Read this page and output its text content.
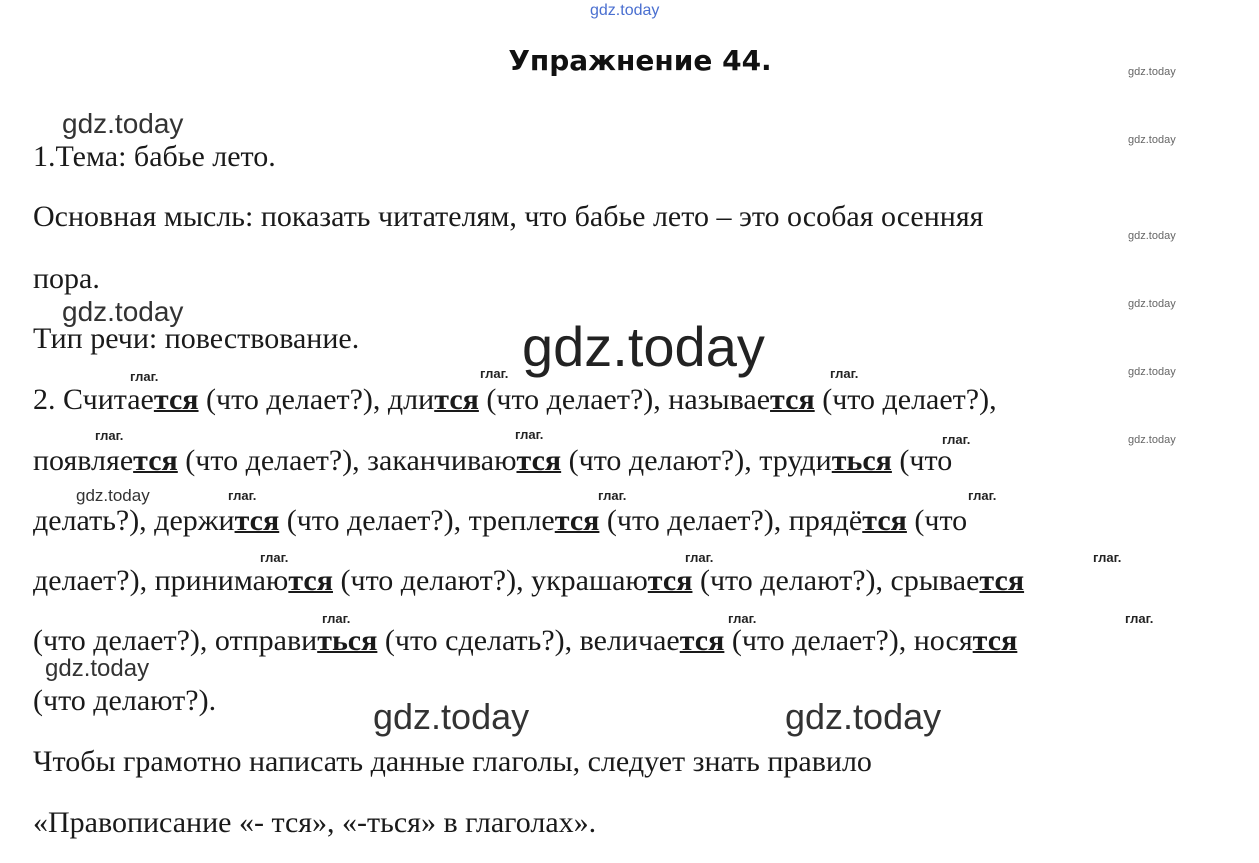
gdz.today
Упражнение 44.	gdz.today
gdz.today
gdz.today
gdz.today
gdz.today
gdz.today
gdz.today
gdz.today
gdz.today
gdz.today
gdz.today	gdz.today
1.Тема: бабье лето.
Основная мысль: показать читателям, что бабье лето – это особая осенняя
пора.
Тип речи: повествование.	gdz.today
глаг.	глаг.	глаг.
2. Считается (что делает?), длится (что делает?), называется (что делает?),
глаг.	глаг.	глаг.
появляется (что делает?), заканчиваются (что делают?), трудиться (что
глаг.	глаг.	глаг.
делать?), держится (что делает?), треплется (что делает?), прядётся (что
глаг.	глаг.	глаг.
делает?), принимаются (что делают?), украшаются (что делают?), срывается
глаг.	глаг.	глаг.
(что делает?), отправиться (что сделать?), величается (что делает?), носятся
(что делают?).
Чтобы грамотно написать данные глаголы, следует знать правило
«Правописание «- тся», «-ться» в глаголах».
